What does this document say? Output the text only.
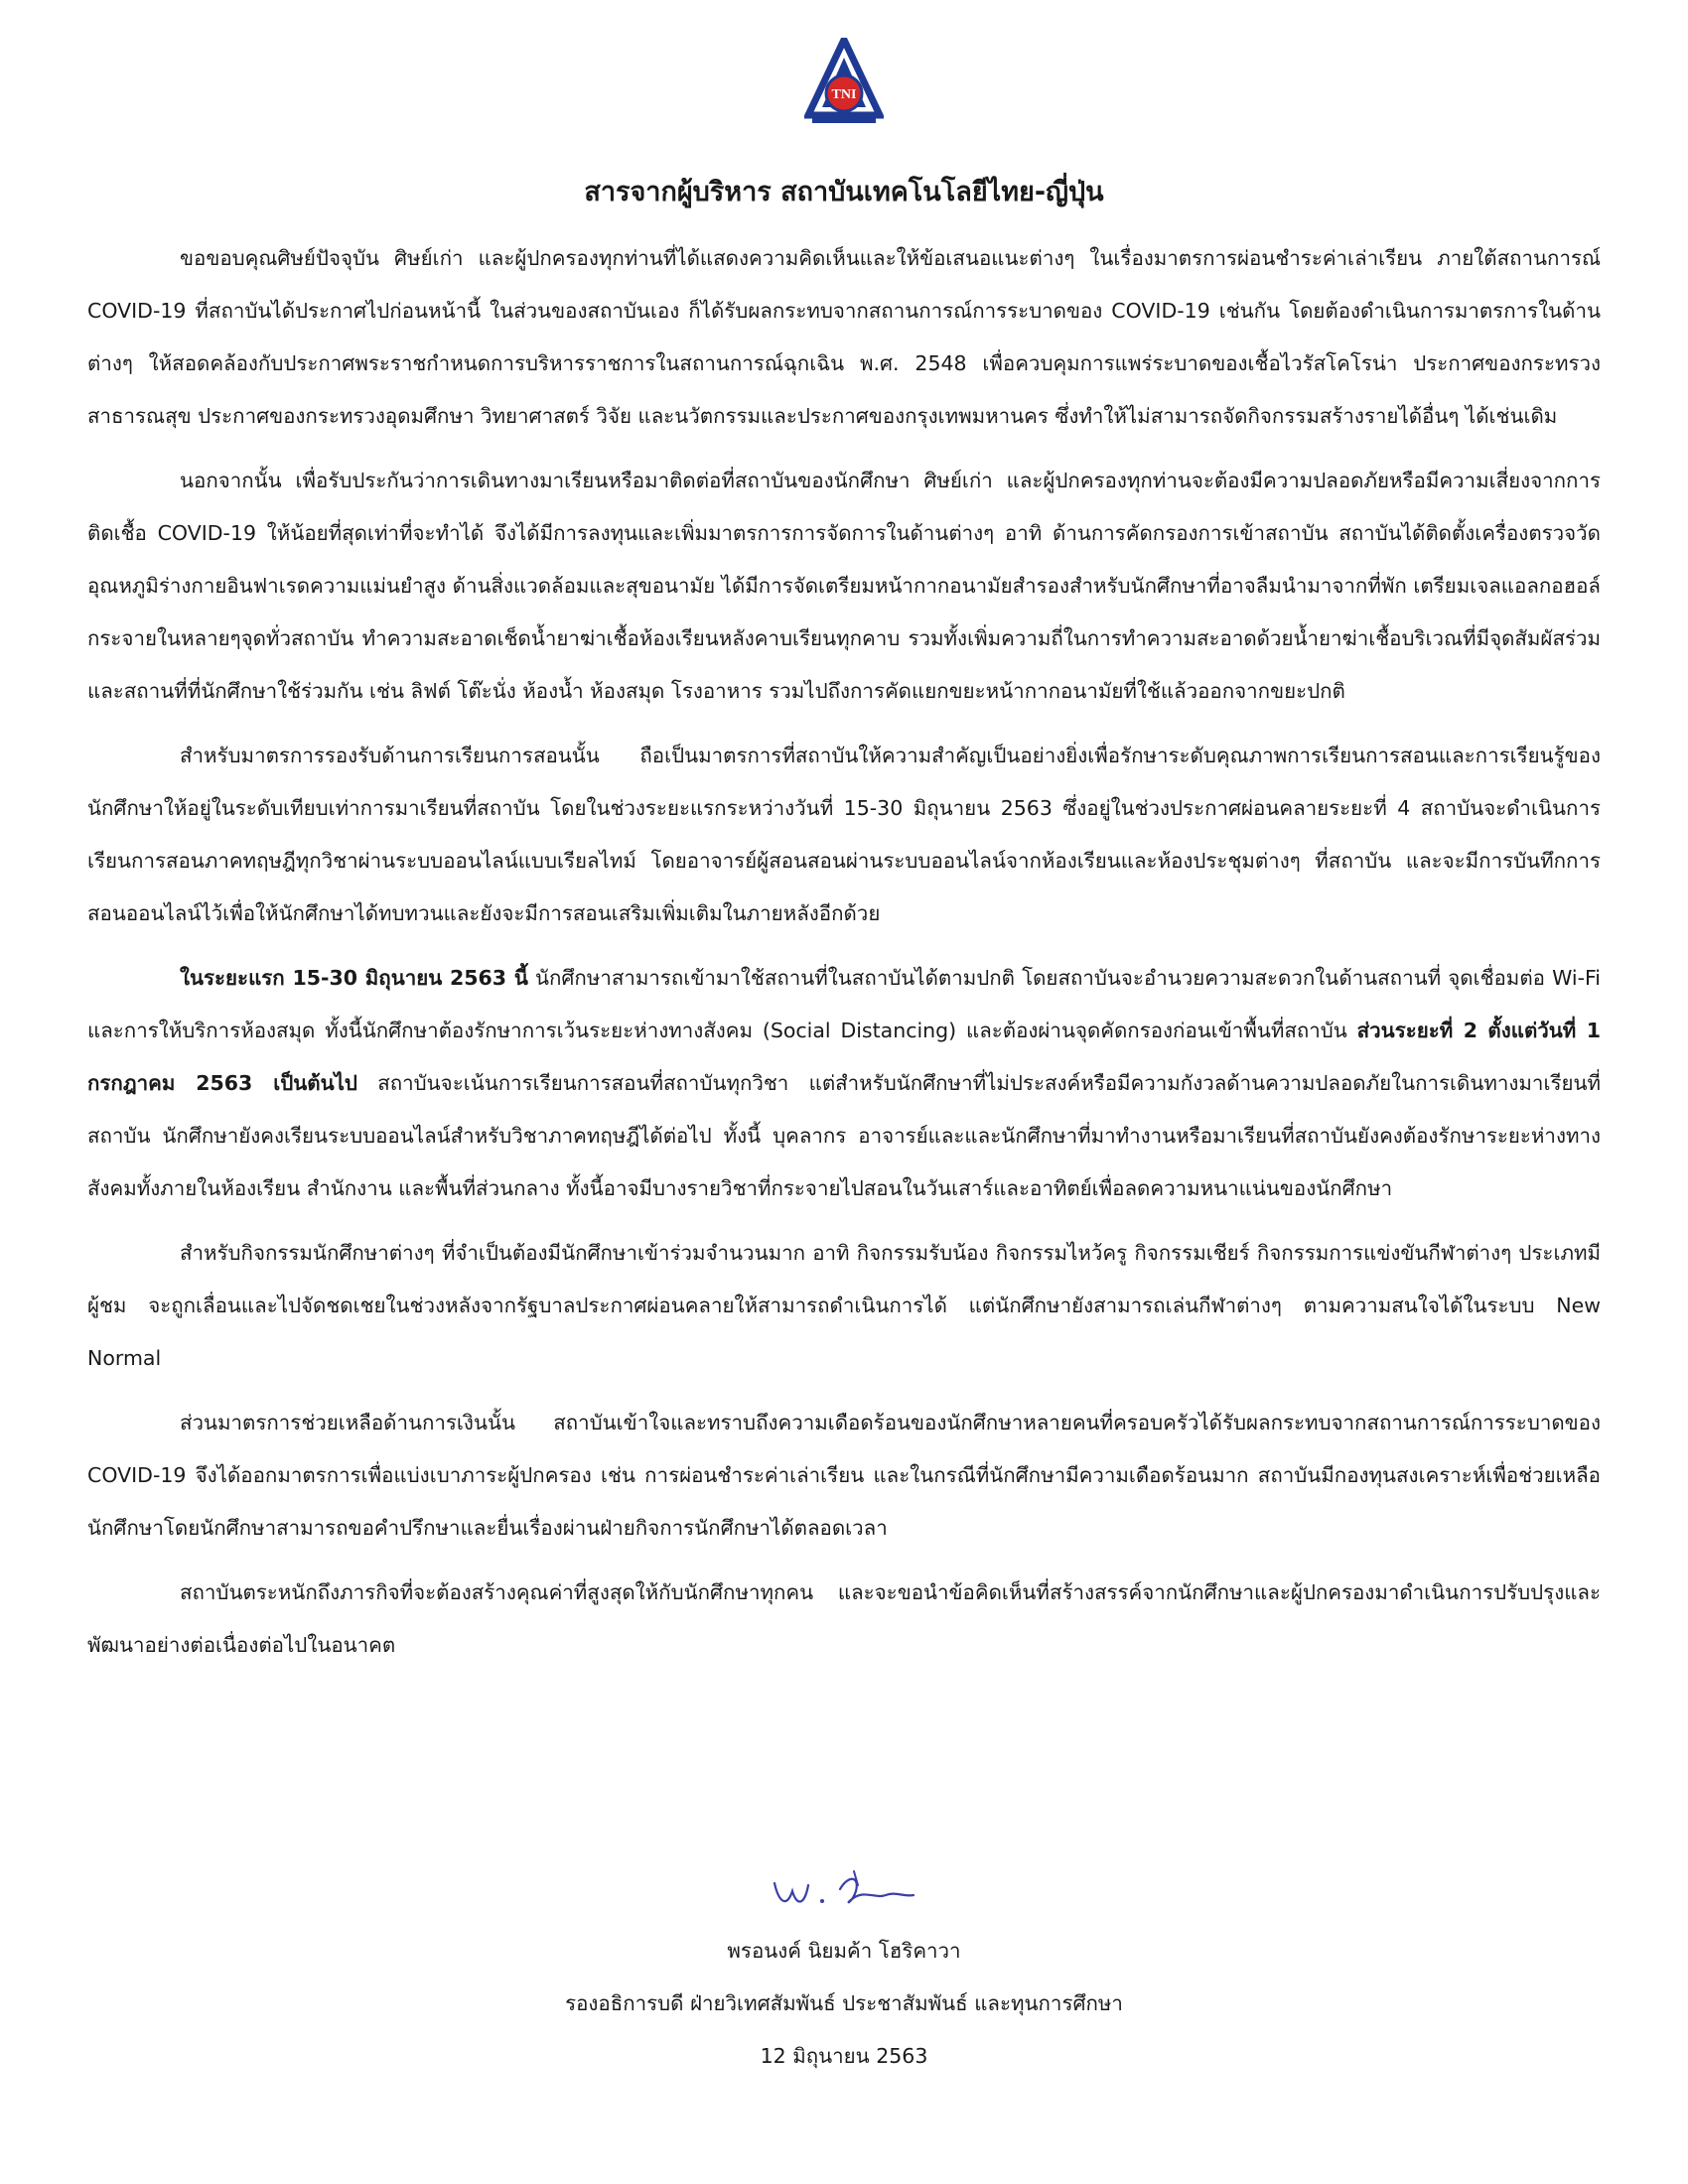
TNI
สารจากผู้บริหาร สถาบันเทคโนโลยีไทย-ญี่ปุ่น

ขอขอบคุณศิษย์ปัจจุบัน ศิษย์เก่า และผู้ปกครองทุกท่านที่ได้แสดงความคิดเห็นและให้ข้อเสนอแนะต่างๆ ในเรื่องมาตรการผ่อนชำระค่าเล่าเรียน ภายใต้สถานการณ์ COVID-19 ที่สถาบันได้ประกาศไปก่อนหน้านี้ ในส่วนของสถาบันเอง ก็ได้รับผลกระทบจากสถานการณ์การระบาดของ COVID-19 เช่นกัน โดยต้องดำเนินการมาตรการในด้านต่างๆ ให้สอดคล้องกับประกาศพระราชกำหนดการบริหารราชการในสถานการณ์ฉุกเฉิน พ.ศ. 2548 เพื่อควบคุมการแพร่ระบาดของเชื้อไวรัสโคโรน่า ประกาศของกระทรวงสาธารณสุข ประกาศของกระทรวงอุดมศึกษา วิทยาศาสตร์ วิจัย และนวัตกรรมและประกาศของกรุงเทพมหานคร ซึ่งทำให้ไม่สามารถจัดกิจกรรมสร้างรายได้อื่นๆ ได้เช่นเดิม

นอกจากนั้น เพื่อรับประกันว่าการเดินทางมาเรียนหรือมาติดต่อที่สถาบันของนักศึกษา ศิษย์เก่า และผู้ปกครองทุกท่านจะต้องมีความปลอดภัยหรือมีความเสี่ยงจากการติดเชื้อ COVID-19 ให้น้อยที่สุดเท่าที่จะทำได้ จึงได้มีการลงทุนและเพิ่มมาตรการการจัดการในด้านต่างๆ อาทิ ด้านการคัดกรองการเข้าสถาบัน สถาบันได้ติดตั้งเครื่องตรวจวัดอุณหภูมิร่างกายอินฟาเรดความแม่นยำสูง ด้านสิ่งแวดล้อมและสุขอนามัย ได้มีการจัดเตรียมหน้ากากอนามัยสำรองสำหรับนักศึกษาที่อาจลืมนำมาจากที่พัก เตรียมเจลแอลกอฮอล์กระจายในหลายๆจุดทั่วสถาบัน ทำความสะอาดเช็ดน้ำยาฆ่าเชื้อห้องเรียนหลังคาบเรียนทุกคาบ รวมทั้งเพิ่มความถี่ในการทำความสะอาดด้วยน้ำยาฆ่าเชื้อบริเวณที่มีจุดสัมผัสร่วมและสถานที่ที่นักศึกษาใช้ร่วมกัน เช่น ลิฟต์ โต๊ะนั่ง ห้องน้ำ ห้องสมุด โรงอาหาร รวมไปถึงการคัดแยกขยะหน้ากากอนามัยที่ใช้แล้วออกจากขยะปกติ

สำหรับมาตรการรองรับด้านการเรียนการสอนนั้น ถือเป็นมาตรการที่สถาบันให้ความสำคัญเป็นอย่างยิ่งเพื่อรักษาระดับคุณภาพการเรียนการสอนและการเรียนรู้ของนักศึกษาให้อยู่ในระดับเทียบเท่าการมาเรียนที่สถาบัน โดยในช่วงระยะแรกระหว่างวันที่ 15-30 มิถุนายน 2563 ซึ่งอยู่ในช่วงประกาศผ่อนคลายระยะที่ 4 สถาบันจะดำเนินการเรียนการสอนภาคทฤษฎีทุกวิชาผ่านระบบออนไลน์แบบเรียลไทม์ โดยอาจารย์ผู้สอนสอนผ่านระบบออนไลน์จากห้องเรียนและห้องประชุมต่างๆ ที่สถาบัน และจะมีการบันทึกการสอนออนไลน์ไว้เพื่อให้นักศึกษาได้ทบทวนและยังจะมีการสอนเสริมเพิ่มเติมในภายหลังอีกด้วย

ในระยะแรก 15-30 มิถุนายน 2563 นี้ นักศึกษาสามารถเข้ามาใช้สถานที่ในสถาบันได้ตามปกติ โดยสถาบันจะอำนวยความสะดวกในด้านสถานที่ จุดเชื่อมต่อ Wi-Fi และการให้บริการห้องสมุด ทั้งนี้นักศึกษาต้องรักษาการเว้นระยะห่างทางสังคม (Social Distancing) และต้องผ่านจุดคัดกรองก่อนเข้าพื้นที่สถาบัน ส่วนระยะที่ 2 ตั้งแต่วันที่ 1 กรกฎาคม 2563 เป็นต้นไป สถาบันจะเน้นการเรียนการสอนที่สถาบันทุกวิชา แต่สำหรับนักศึกษาที่ไม่ประสงค์หรือมีความกังวลด้านความปลอดภัยในการเดินทางมาเรียนที่สถาบัน นักศึกษายังคงเรียนระบบออนไลน์สำหรับวิชาภาคทฤษฎีได้ต่อไป ทั้งนี้ บุคลากร อาจารย์และและนักศึกษาที่มาทำงานหรือมาเรียนที่สถาบันยังคงต้องรักษาระยะห่างทางสังคมทั้งภายในห้องเรียน สำนักงาน และพื้นที่ส่วนกลาง ทั้งนี้อาจมีบางรายวิชาที่กระจายไปสอนในวันเสาร์และอาทิตย์เพื่อลดความหนาแน่นของนักศึกษา

สำหรับกิจกรรมนักศึกษาต่างๆ ที่จำเป็นต้องมีนักศึกษาเข้าร่วมจำนวนมาก อาทิ กิจกรรมรับน้อง กิจกรรมไหว้ครู กิจกรรมเชียร์ กิจกรรมการแข่งขันกีฬาต่างๆ ประเภทมีผู้ชม จะถูกเลื่อนและไปจัดชดเชยในช่วงหลังจากรัฐบาลประกาศผ่อนคลายให้สามารถดำเนินการได้ แต่นักศึกษายังสามารถเล่นกีฬาต่างๆ ตามความสนใจได้ในระบบ New Normal

ส่วนมาตรการช่วยเหลือด้านการเงินนั้น สถาบันเข้าใจและทราบถึงความเดือดร้อนของนักศึกษาหลายคนที่ครอบครัวได้รับผลกระทบจากสถานการณ์การระบาดของ COVID-19 จึงได้ออกมาตรการเพื่อแบ่งเบาภาระผู้ปกครอง เช่น การผ่อนชำระค่าเล่าเรียน และในกรณีที่นักศึกษามีความเดือดร้อนมาก สถาบันมีกองทุนสงเคราะห์เพื่อช่วยเหลือนักศึกษาโดยนักศึกษาสามารถขอคำปรึกษาและยื่นเรื่องผ่านฝ่ายกิจการนักศึกษาได้ตลอดเวลา

สถาบันตระหนักถึงภารกิจที่จะต้องสร้างคุณค่าที่สูงสุดให้กับนักศึกษาทุกคน และจะขอนำข้อคิดเห็นที่สร้างสรรค์จากนักศึกษาและผู้ปกครองมาดำเนินการปรับปรุงและพัฒนาอย่างต่อเนื่องต่อไปในอนาคต

พรอนงค์ นิยมค้า โฮริคาวา
รองอธิการบดี ฝ่ายวิเทศสัมพันธ์ ประชาสัมพันธ์ และทุนการศึกษา
12 มิถุนายน 2563
